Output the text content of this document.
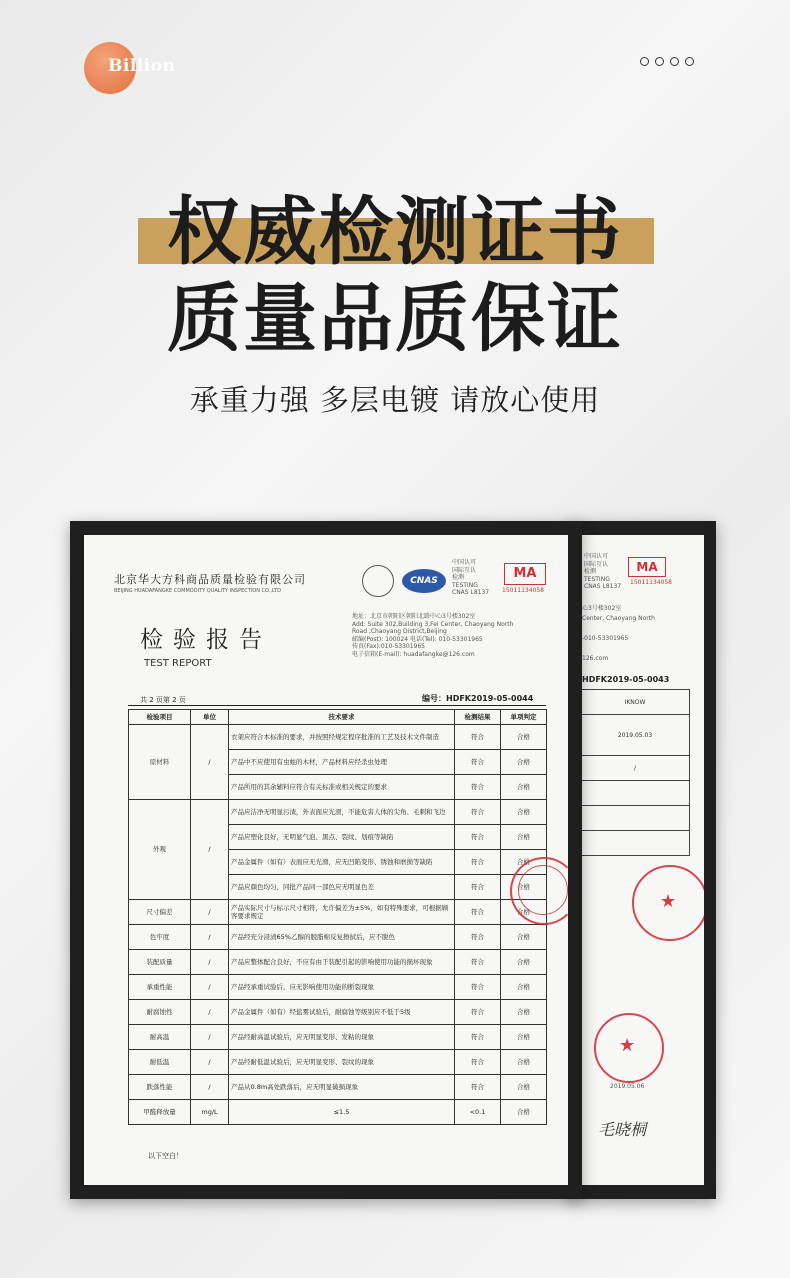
Billion
权威检测证书
质量品质保证
承重力强 多层电镀 请放心使用
中国认可
国际互认
检测
TESTING
CNAS L8137
MA
15011134058
心3号楼302室
Center, Chaoyang North
-010-53301965
126.com
HDFK2019-05-0043
IKNOW
2019.05.03
/

★
★
2019.05.06
毛晓桐
北京华大方科商品质量检验有限公司
BEIJING HUADAFANGKE COMMODITY QUALITY INSPECTION CO.,LTD
CNAS
中国认可
国际互认
检测
TESTING
CNAS L8137
MA
15011134058
检验报告
TEST REPORT
地址：北京市朝阳区朝阳北路中心3号楼302室
Add: Suite 302,Building 3,Fei Center, Chaoyang North
Road ,Chaoyang District,Beijing
邮编(Post): 100024 电话(Tel): 010-53301965
传真(Fax):010-53301965
电子信箱(E-mail): huadafangke@126.com
共 2 页第 2 页	编号：HDFK2019-05-0044
检验项目	单位	技术要求	检测结果	单项判定
原材料	/	衣架应符合本标准的要求，并按照经规定程序批准的工艺及技术文件制造	符合	合格
		产品中不应使用有虫蛀的木材，产品材料应经杀虫处理	符合	合格
		产品所用的其余辅料应符合有关标准或相关规定的要求	符合	合格
外观	/	产品应洁净无明显污渍，外表面应光滑，不能危害人体的尖角、毛刺和飞边	符合	合格
		产品应塑化良好，无明显气泡、黑点、裂纹、划痕等缺陷	符合	合格
		产品金属件（如有）表面应无光滑，应无凹陷变形、锈蚀和磨损等缺陷	符合	合格
		产品应颜色均匀，同批产品同一部色应无明显色差	符合	合格
尺寸偏差	/	产品实际尺寸与标示尺寸相符，允许偏差为±5%，如有特殊要求，可根据顾客要求规定	符合	合格
色牢度	/	产品经充分浸渍65%乙醇的脱脂棉反复擦拭后，应不脱色	符合	合格
装配质量	/	产品应整体配合良好，不应有由于装配引起的影响使用功能的损坏现象	符合	合格
承重性能	/	产品经承重试验后，应无影响使用功能的断裂现象	符合	合格
耐腐蚀性	/	产品金属件（如有）经盐雾试验后，耐腐蚀等级别应不低于5级	符合	合格
耐高温	/	产品经耐高温试验后，应无明显变形、发粘的现象	符合	合格
耐低温	/	产品经耐低温试验后，应无明显变形、裂纹的现象	符合	合格
跌落性能	/	产品从0.8m高处跌落后，应无明显破损现象	符合	合格
甲醛释放量	mg/L	≤1.5	<0.1	合格
以下空白！
